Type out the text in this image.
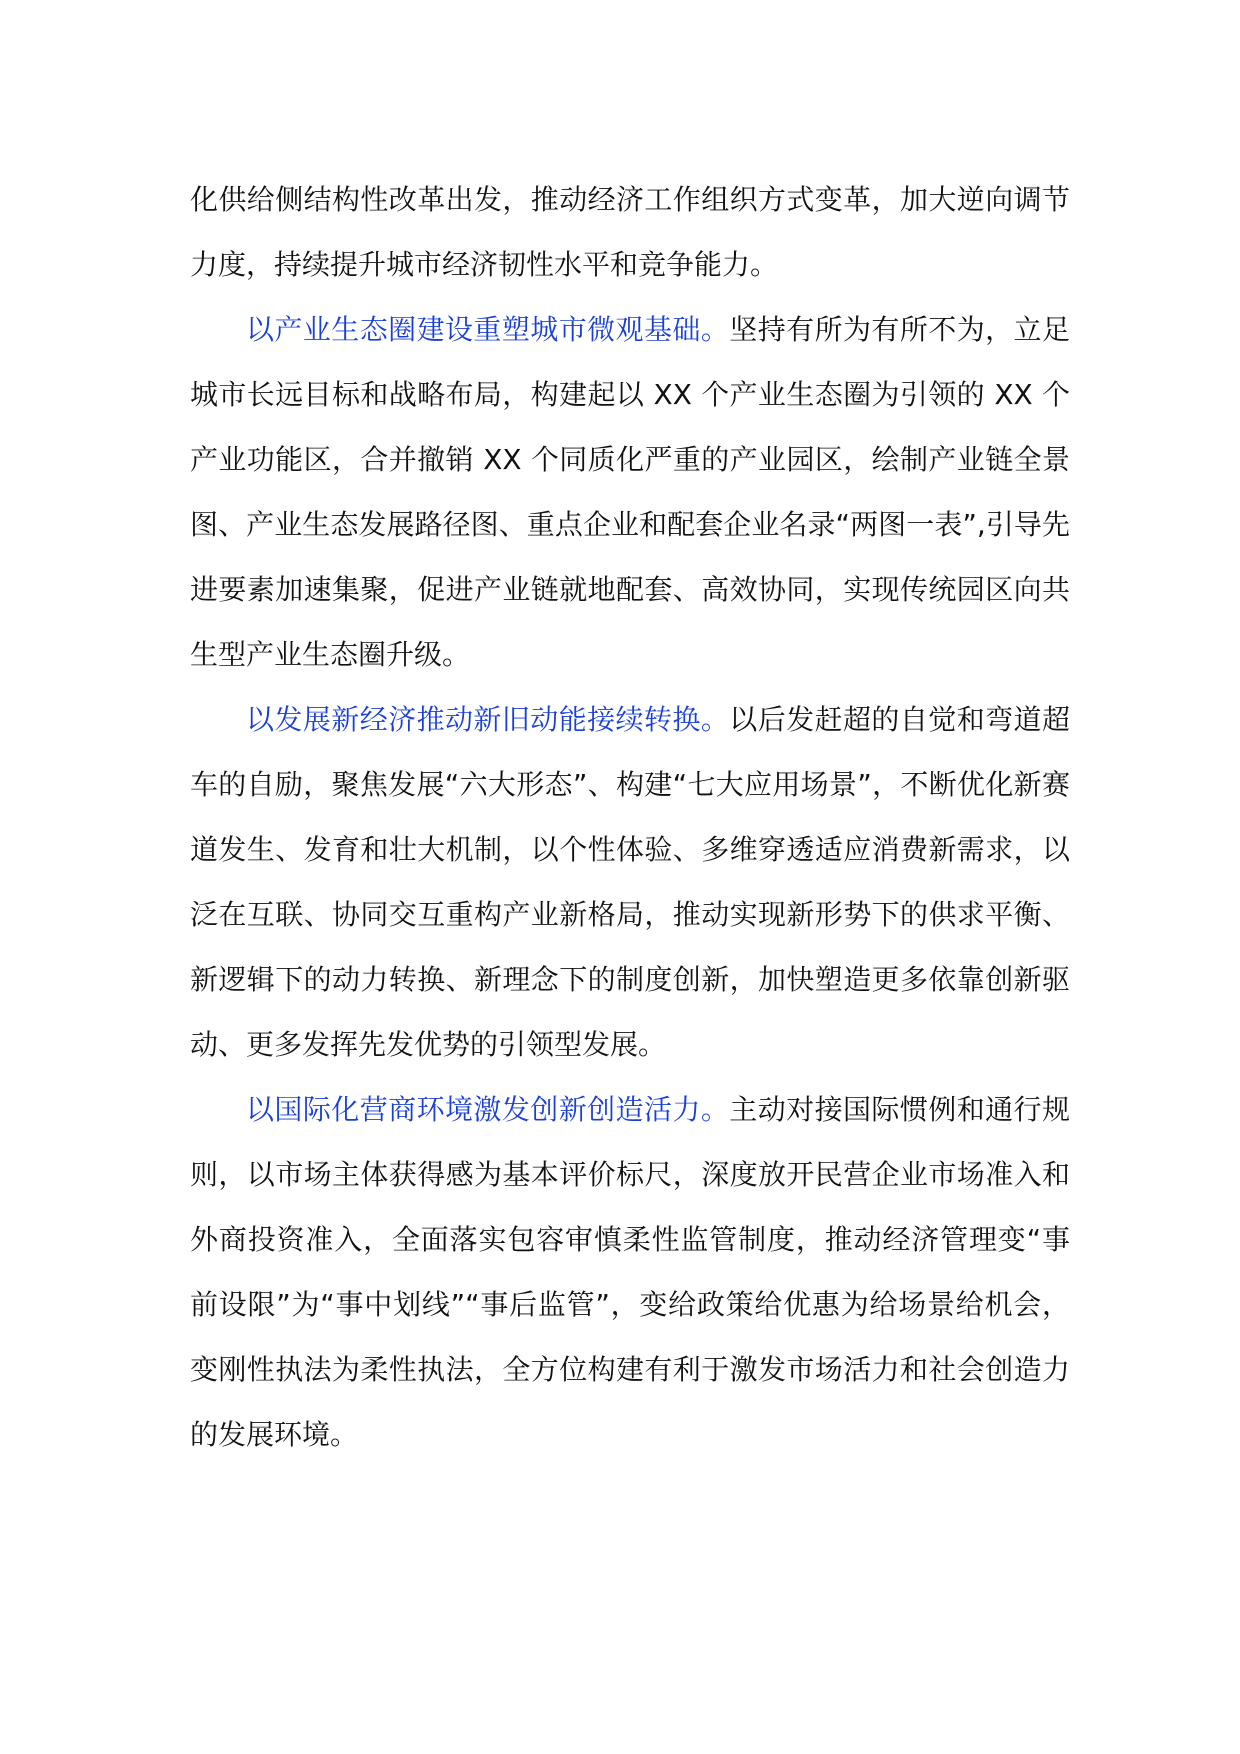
化供给侧结构性改革出发，推动经济工作组织方式变革，加大逆向调节力度，持续提升城市经济韧性水平和竞争能力。

以产业生态圈建设重塑城市微观基础。坚持有所为有所不为，立足城市长远目标和战略布局，构建起以 XX 个产业生态圈为引领的 XX 个产业功能区，合并撤销 XX 个同质化严重的产业园区，绘制产业链全景图、产业生态发展路径图、重点企业和配套企业名录“两图一表”,引导先进要素加速集聚，促进产业链就地配套、高效协同，实现传统园区向共生型产业生态圈升级。

以发展新经济推动新旧动能接续转换。以后发赶超的自觉和弯道超车的自励，聚焦发展“六大形态”、构建“七大应用场景”，不断优化新赛道发生、发育和壮大机制，以个性体验、多维穿透适应消费新需求，以泛在互联、协同交互重构产业新格局，推动实现新形势下的供求平衡、新逻辑下的动力转换、新理念下的制度创新，加快塑造更多依靠创新驱动、更多发挥先发优势的引领型发展。

以国际化营商环境激发创新创造活力。主动对接国际惯例和通行规则，以市场主体获得感为基本评价标尺，深度放开民营企业市场准入和外商投资准入，全面落实包容审慎柔性监管制度，推动经济管理变“事前设限”为“事中划线”“事后监管”，变给政策给优惠为给场景给机会，变刚性执法为柔性执法，全方位构建有利于激发市场活力和社会创造力的发展环境。
